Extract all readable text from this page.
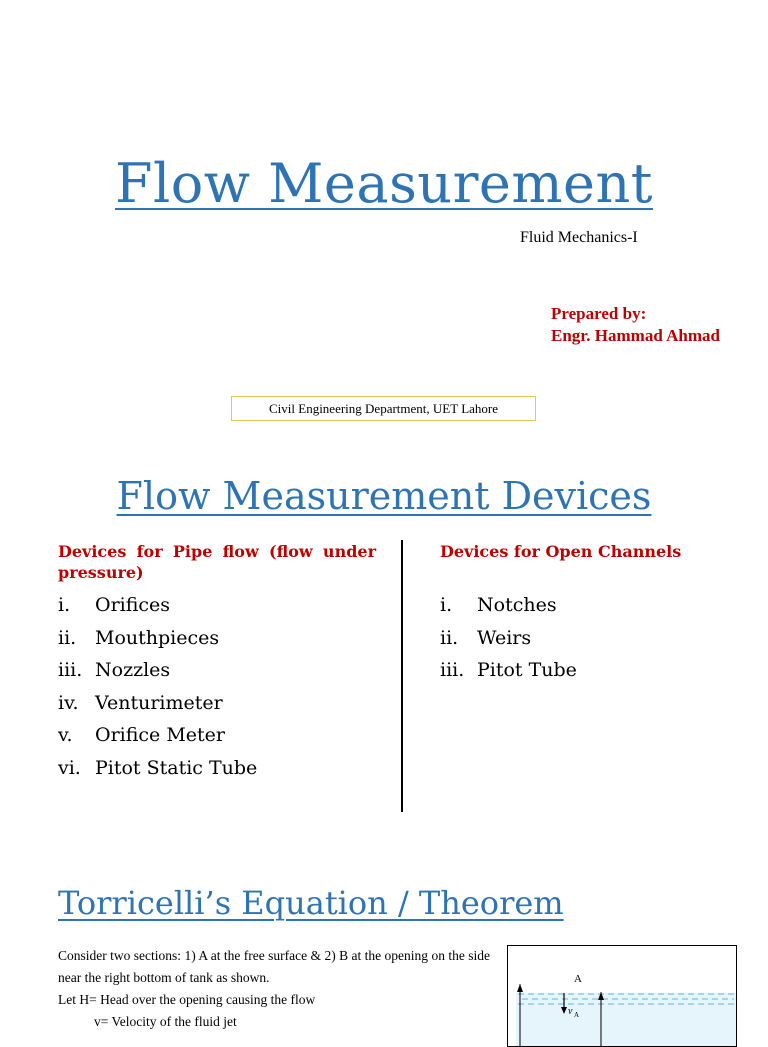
Flow Measurement
Fluid Mechanics-I
Prepared by:
Engr. Hammad Ahmad
Civil Engineering Department, UET Lahore
Flow Measurement Devices
Devices for Pipe flow (flow under pressure)
Devices for Open Channels
i.	Orifices
ii. Mouthpieces
iii. Nozzles
iv. Venturimeter
v.	Orifice Meter
vi. Pitot Static Tube
i.	Notches
ii. Weirs
iii. Pitot Tube
Torricelli’s Equation / Theorem

Consider two sections: 1) A at the free surface & 2) B at the opening on the side near the right bottom of tank as shown.

Let H= Head over the opening causing the flow

v= Velocity of the fluid jet

A
v A
